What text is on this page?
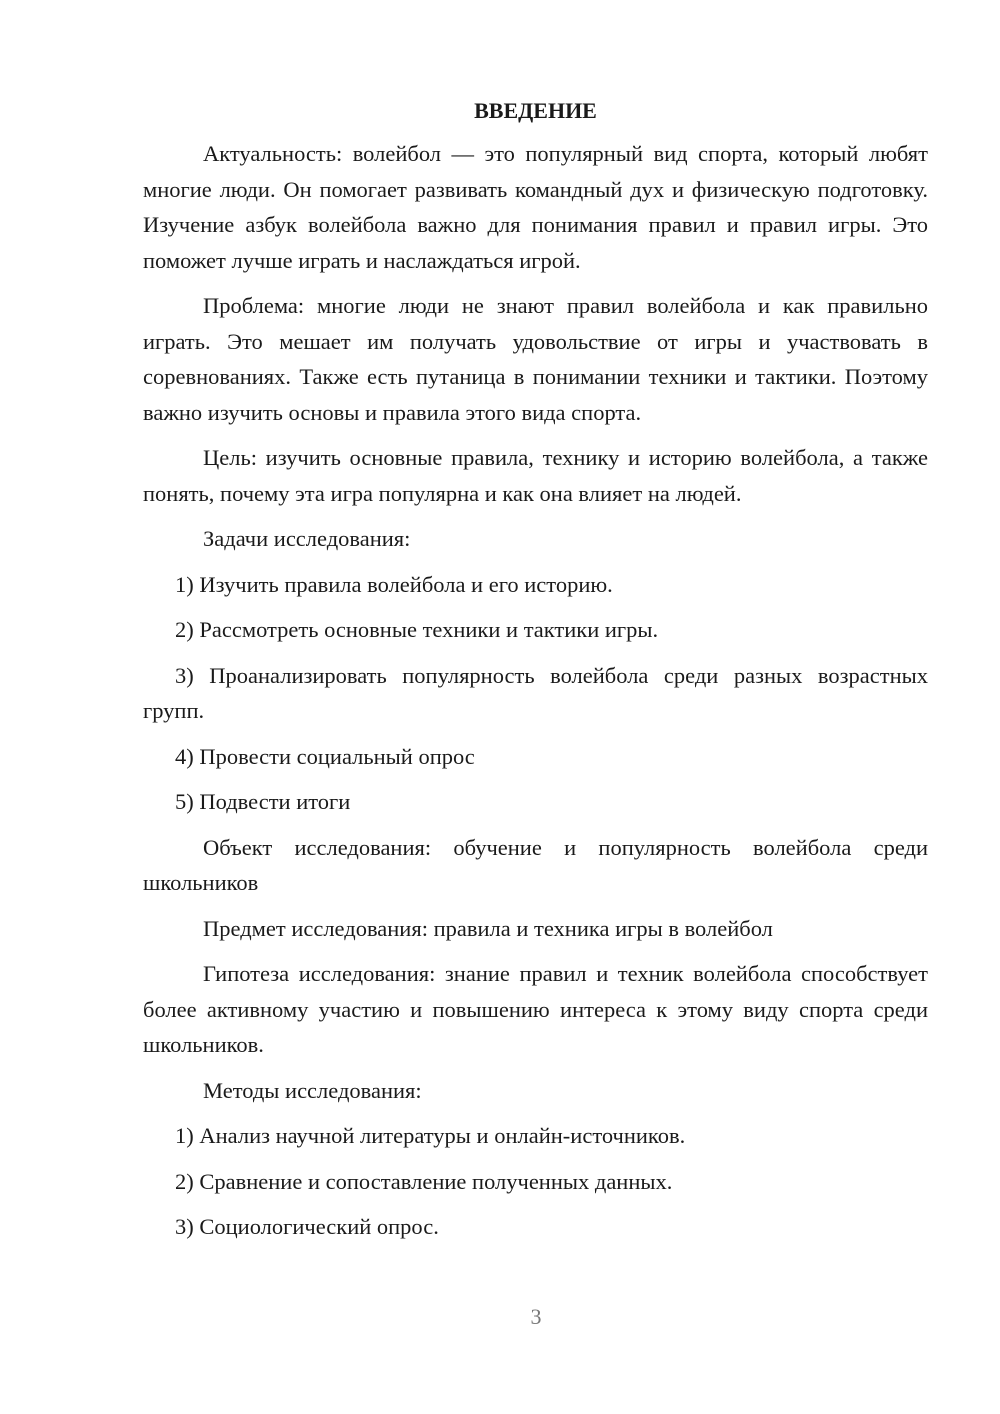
ВВЕДЕНИЕ

Актуальность: волейбол — это популярный вид спорта, который любят многие люди. Он помогает развивать командный дух и физическую подготовку. Изучение азбук волейбола важно для понимания правил и правил игры. Это поможет лучше играть и наслаждаться игрой.

Проблема: многие люди не знают правил волейбола и как правильно играть. Это мешает им получать удовольствие от игры и участвовать в соревнованиях. Также есть путаница в понимании техники и тактики. Поэтому важно изучить основы и правила этого вида спорта.

Цель: изучить основные правила, технику и историю волейбола, а также понять, почему эта игра популярна и как она влияет на людей.

Задачи исследования:

1) Изучить правила волейбола и его историю.

2) Рассмотреть основные техники и тактики игры.

3) Проанализировать популярность волейбола среди разных возрастных групп.

4) Провести социальный опрос

5) Подвести итоги

Объект исследования: обучение и популярность волейбола среди школьников

Предмет исследования: правила и техника игры в волейбол

Гипотеза исследования: знание правил и техник волейбола способствует более активному участию и повышению интереса к этому виду спорта среди школьников.

Методы исследования:

1) Анализ научной литературы и онлайн-источников.

2) Сравнение и сопоставление полученных данных.

3) Социологический опрос.

3
